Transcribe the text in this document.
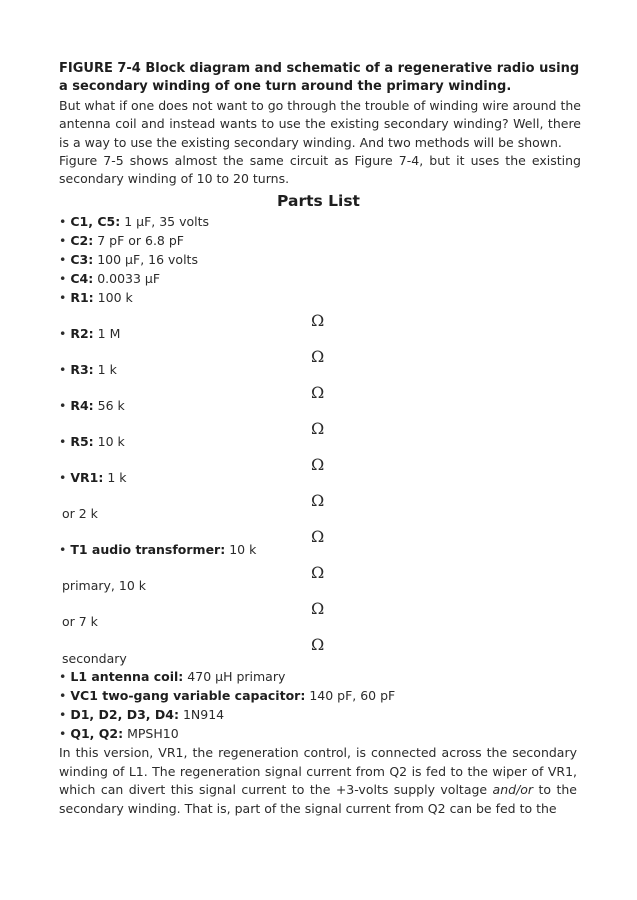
FIGURE 7-4 Block diagram and schematic of a regenerative radio using a secondary winding of one turn around the primary winding.

But what if one does not want to go through the trouble of winding wire around the antenna coil and instead wants to use the existing secondary winding? Well, there is a way to use the existing secondary winding. And two methods will be shown.

Figure 7-5 shows almost the same circuit as Figure 7-4, but it uses the existing secondary winding of 10 to 20 turns.

Parts List
• C1, C5: 1 µF, 35 volts
• C2: 7 pF or 6.8 pF
• C3: 100 µF, 16 volts
• C4: 0.0033 µF
• R1: 100 k
• R2: 1 M
• R3: 1 k
• R4: 56 k
• R5: 10 k
• VR1: 1 k
or 2 k
• T1 audio transformer: 10 k
primary, 10 k
or 7 k
secondary
• L1 antenna coil: 470 µH primary
• VC1 two-gang variable capacitor: 140 pF, 60 pF
• D1, D2, D3, D4: 1N914
• Q1, Q2: MPSH10
Ω
Ω
Ω
Ω
Ω
Ω
Ω
Ω
Ω
Ω
In this version, VR1, the regeneration control, is connected across the secondary winding of L1. The regeneration signal current from Q2 is fed to the wiper of VR1, which can divert this signal current to the +3-volts supply voltage and/or to the secondary winding. That is, part of the signal current from Q2 can be fed to the
